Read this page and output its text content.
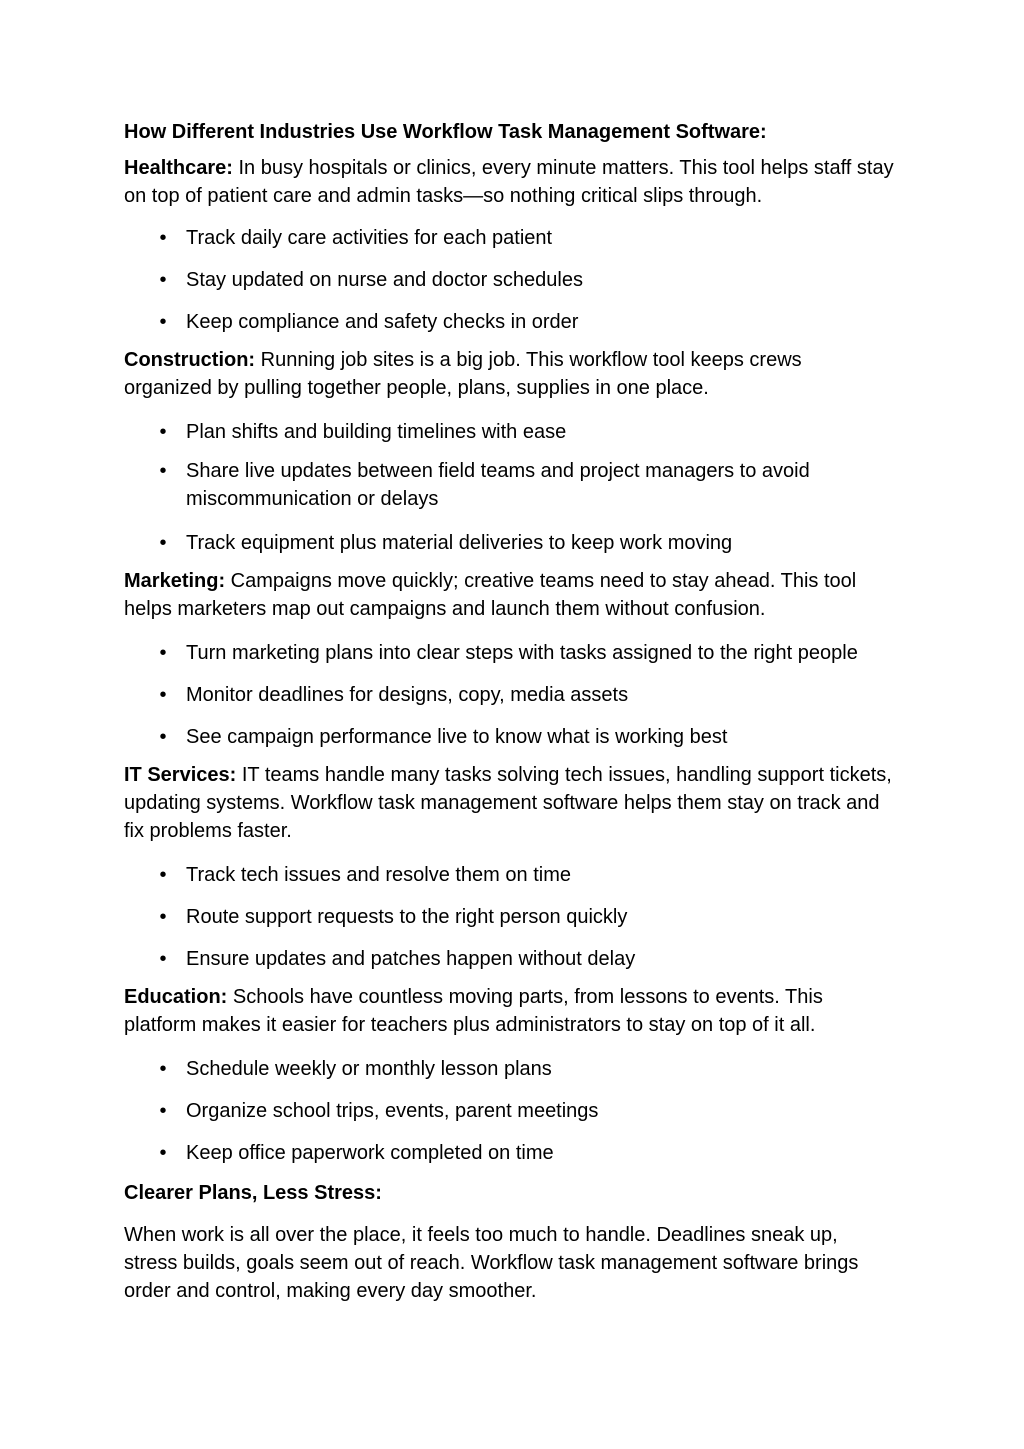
How Different Industries Use Workflow Task Management Software:

Healthcare: In busy hospitals or clinics, every minute matters. This tool helps staff stay on top of patient care and admin tasks—so nothing critical slips through.

• Track daily care activities for each patient
• Stay updated on nurse and doctor schedules
• Keep compliance and safety checks in order

Construction: Running job sites is a big job. This workflow tool keeps crews organized by pulling together people, plans, supplies in one place.

• Plan shifts and building timelines with ease
• Share live updates between field teams and project managers to avoid miscommunication or delays
• Track equipment plus material deliveries to keep work moving

Marketing: Campaigns move quickly; creative teams need to stay ahead. This tool helps marketers map out campaigns and launch them without confusion.

• Turn marketing plans into clear steps with tasks assigned to the right people
• Monitor deadlines for designs, copy, media assets
• See campaign performance live to know what is working best

IT Services: IT teams handle many tasks solving tech issues, handling support tickets, updating systems. Workflow task management software helps them stay on track and fix problems faster.

• Track tech issues and resolve them on time
• Route support requests to the right person quickly
• Ensure updates and patches happen without delay

Education: Schools have countless moving parts, from lessons to events. This platform makes it easier for teachers plus administrators to stay on top of it all.

• Schedule weekly or monthly lesson plans
• Organize school trips, events, parent meetings
• Keep office paperwork completed on time

Clearer Plans, Less Stress:

When work is all over the place, it feels too much to handle. Deadlines sneak up, stress builds, goals seem out of reach. Workflow task management software brings order and control, making every day smoother.
